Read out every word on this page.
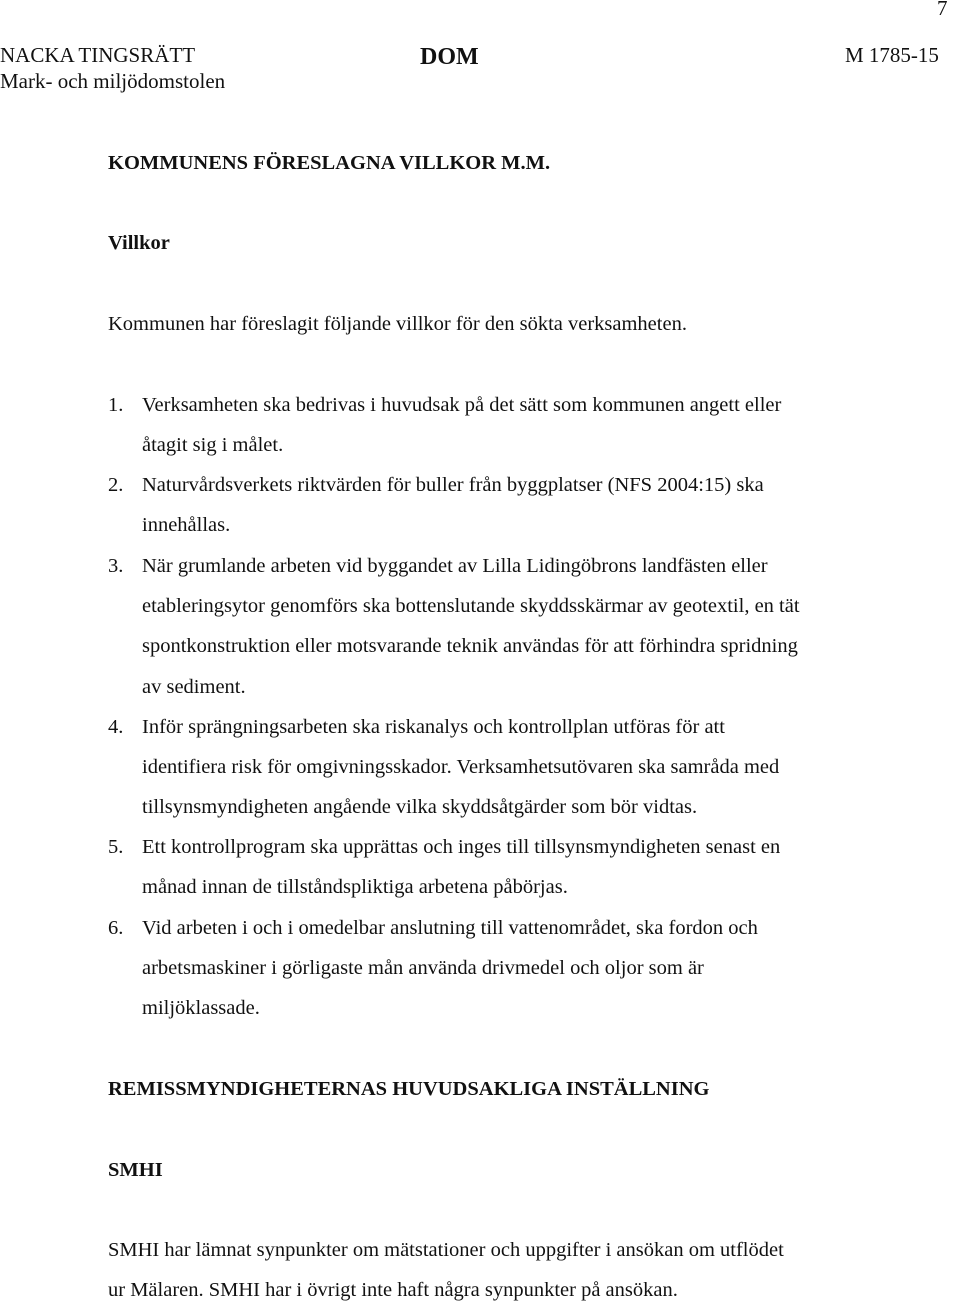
7
NACKA TINGSRÄTT
Mark- och miljödomstolen
DOM	M 1785-15
KOMMUNENS FÖRESLAGNA VILLKOR M.M.
Villkor
Kommunen har föreslagit följande villkor för den sökta verksamheten.
1. Verksamheten ska bedrivas i huvudsak på det sätt som kommunen angett eller
åtagit sig i målet.
2. Naturvårdsverkets riktvärden för buller från byggplatser (NFS 2004:15) ska
innehållas.
3. När grumlande arbeten vid byggandet av Lilla Lidingöbrons landfästen eller
etableringsytor genomförs ska bottenslutande skyddsskärmar av geotextil, en tät
spontkonstruktion eller motsvarande teknik användas för att förhindra spridning
av sediment.
4. Inför sprängningsarbeten ska riskanalys och kontrollplan utföras för att
identifiera risk för omgivningsskador. Verksamhetsutövaren ska samråda med
tillsynsmyndigheten angående vilka skyddsåtgärder som bör vidtas.
5. Ett kontrollprogram ska upprättas och inges till tillsynsmyndigheten senast en
månad innan de tillståndspliktiga arbetena påbörjas.
6. Vid arbeten i och i omedelbar anslutning till vattenområdet, ska fordon och
arbetsmaskiner i görligaste mån använda drivmedel och oljor som är
miljöklassade.
REMISSMYNDIGHETERNAS HUVUDSAKLIGA INSTÄLLNING
SMHI
SMHI har lämnat synpunkter om mätstationer och uppgifter i ansökan om utflödet
ur Mälaren. SMHI har i övrigt inte haft några synpunkter på ansökan.
